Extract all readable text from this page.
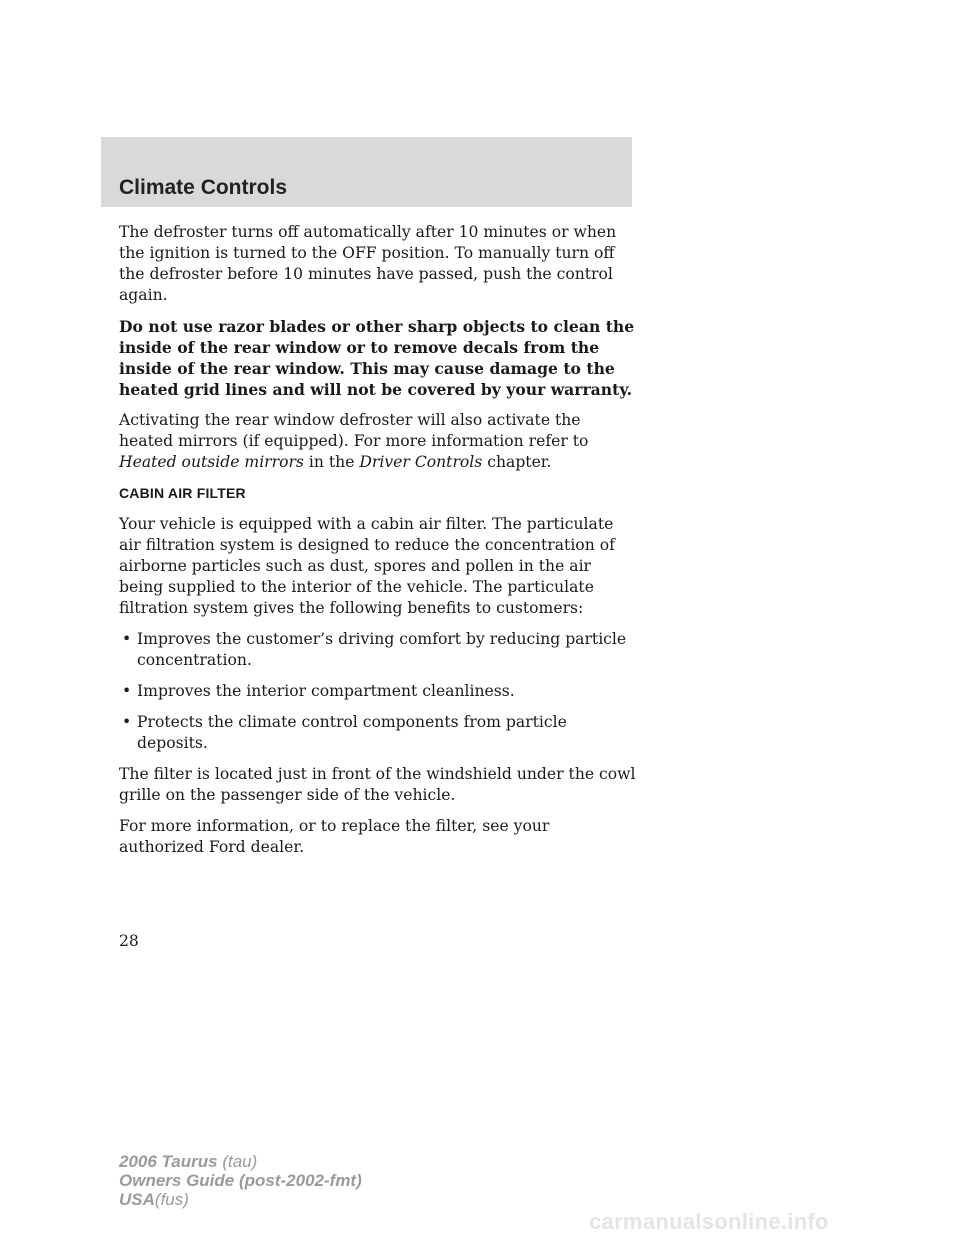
Climate Controls

The defroster turns off automatically after 10 minutes or when the ignition is turned to the OFF position. To manually turn off the defroster before 10 minutes have passed, push the control again.

Do not use razor blades or other sharp objects to clean the inside of the rear window or to remove decals from the inside of the rear window. This may cause damage to the heated grid lines and will not be covered by your warranty.

Activating the rear window defroster will also activate the heated mirrors (if equipped). For more information refer to Heated outside mirrors in the Driver Controls chapter.

CABIN AIR FILTER

Your vehicle is equipped with a cabin air filter. The particulate air filtration system is designed to reduce the concentration of airborne particles such as dust, spores and pollen in the air being supplied to the interior of the vehicle. The particulate filtration system gives the following benefits to customers:

• Improves the customer’s driving comfort by reducing particle concentration.
• Improves the interior compartment cleanliness.
• Protects the climate control components from particle deposits.

The filter is located just in front of the windshield under the cowl grille on the passenger side of the vehicle.

For more information, or to replace the filter, see your authorized Ford dealer.

28

2006 Taurus (tau)
Owners Guide (post-2002-fmt)
USA(fus)
carmanualsonline.info
